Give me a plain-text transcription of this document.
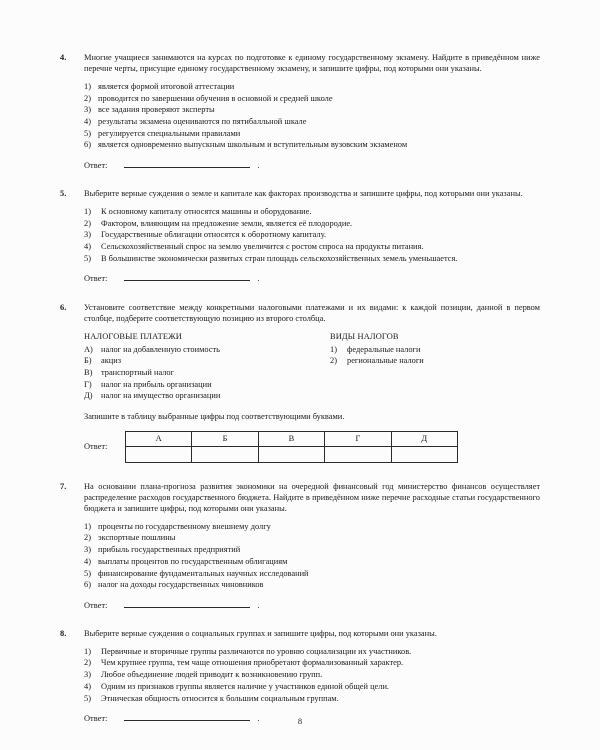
4.	Многие учащиеся занимаются на курсах по подготовке к единому государственному экзамену. Найдите в приведённом ниже перечне черты, присущие единому государственному экзамену, и запишите цифры, под которыми они указаны.

1) является формой итоговой аттестации
2) проводится по завершении обучения в основной и средней школе
3) все задания проверяют эксперты
4) результаты экзамена оцениваются по пятибалльной шкале
5) регулируется специальными правилами
6) является одновременно выпускным школьным и вступительным вузовским экзаменом
Ответ:	.
5.	Выберите верные суждения о земле и капитале как факторах производства и запишите цифры, под которыми они указаны.

1) К основному капиталу относятся машины и оборудование.
2) Фактором, влияющим на предложение земли, является её плодородие.
3) Государственные облигации относятся к оборотному капиталу.
4) Сельскохозяйственный спрос на землю увеличится с ростом спроса на продукты питания.
5) В большинстве экономически развитых стран площадь сельскохозяйственных земель уменьшается.
Ответ:	.
6.	Установите соответствие между конкретными налоговыми платежами и их видами: к каждой позиции, данной в первом столбце, подберите соответствующую позицию из второго столбца.

НАЛОГОВЫЕ ПЛАТЕЖИ
А) налог на добавленную стоимость
Б) акциз
В) транспортный налог
Г) налог на прибыль организации
Д) налог на имущество организации
ВИДЫ НАЛОГОВ
1) федеральные налоги
2) региональные налоги
Запишите в таблицу выбранные цифры под соответствующими буквами.
Ответ:
А	Б	В	Г	Д

7.	На основании плана-прогноза развития экономики на очередной финансовый год министерство финансов осуществляет распределение расходов государственного бюджета. Найдите в приведённом ниже перечне расходные статьи государственного бюджета и запишите цифры, под которыми они указаны.

1) проценты по государственному внешнему долгу
2) экспортные пошлины
3) прибыль государственных предприятий
4) выплаты процентов по государственным облигациям
5) финансирование фундаментальных научных исследований
6) налог на доходы государственных чиновников
Ответ:	.
8.	Выберите верные суждения о социальных группах и запишите цифры, под которыми они указаны.

1) Первичные и вторичные группы различаются по уровню социализации их участников.
2) Чем крупнее группа, тем чаще отношения приобретают формализованный характер.
3) Любое объединение людей приводит к возникновению групп.
4) Одним из признаков группы является наличие у участников единой общей цели.
5) Этническая общность относится к большим социальным группам.
Ответ:	.	8
